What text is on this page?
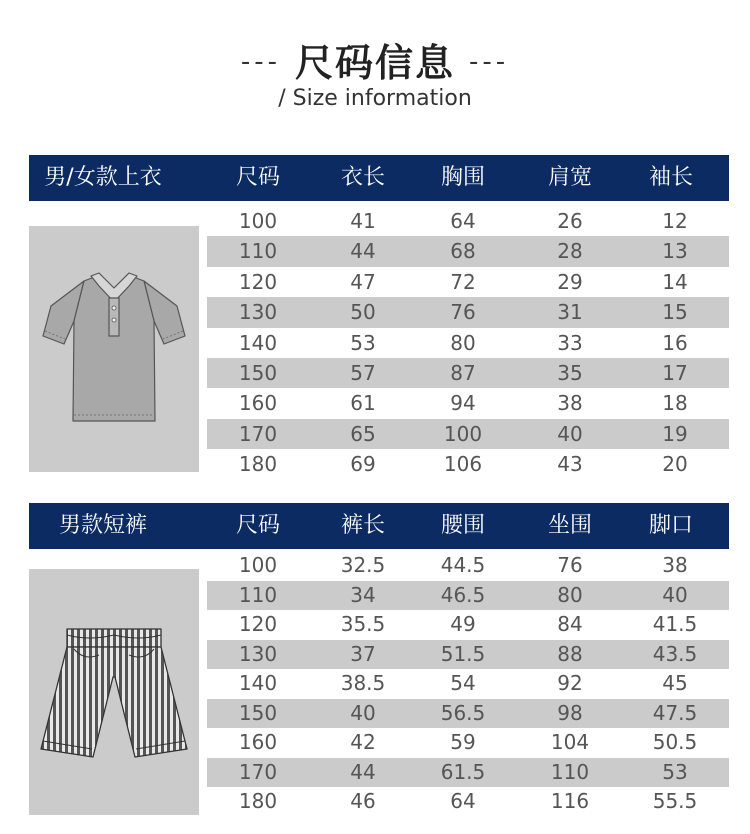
--- 尺码信息 ---
/ Size information
男/女款上衣	尺码	衣长	胸围	肩宽	袖长
100	41	64	26	12
110	44	68	28	13
120	47	72	29	14
130	50	76	31	15
140	53	80	33	16
150	57	87	35	17
160	61	94	38	18
170	65	100	40	19
180	69	106	43	20
男款短裤	尺码	裤长	腰围	坐围	脚口
100	32.5	44.5	76	38
110	34	46.5	80	40
120	35.5	49	84	41.5
130	37	51.5	88	43.5
140	38.5	54	92	45
150	40	56.5	98	47.5
160	42	59	104	50.5
170	44	61.5	110	53
180	46	64	116	55.5
